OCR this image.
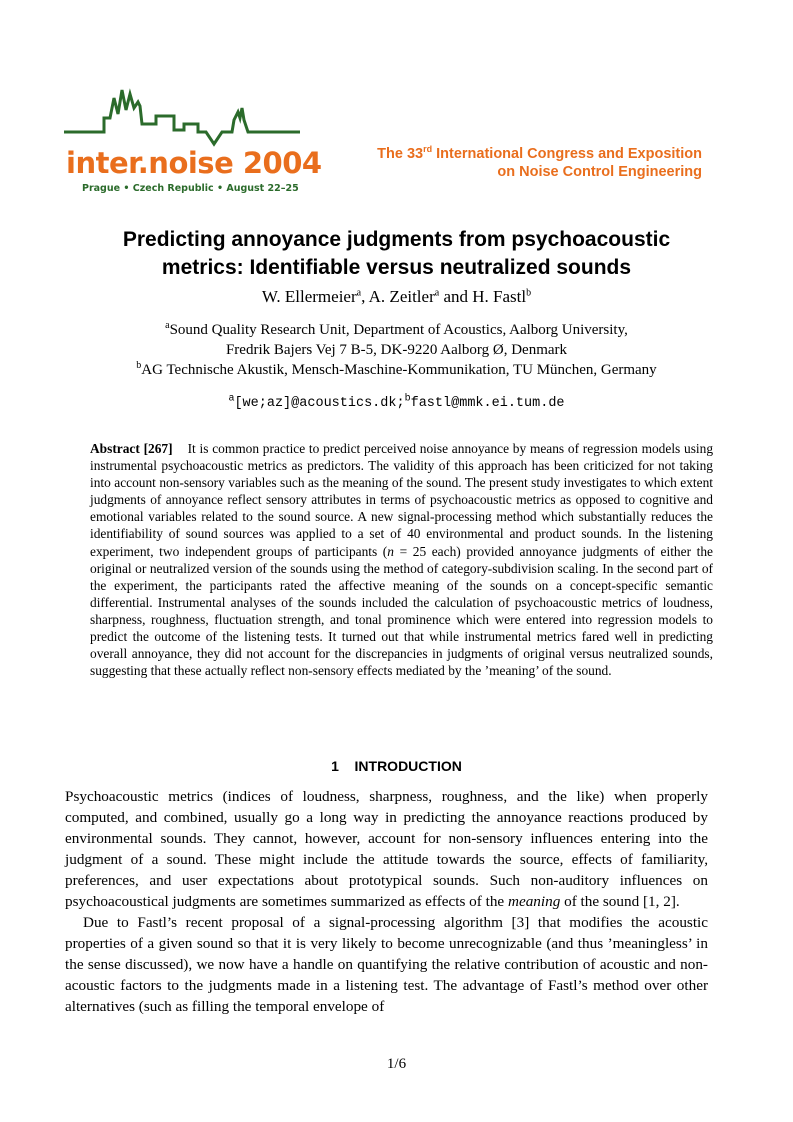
inter.noise 2004
Prague • Czech Republic • August 22–25
The 33rd International Congress and Exposition
on Noise Control Engineering
Predicting annoyance judgments from psychoacoustic
metrics: Identifiable versus neutralized sounds
W. Ellermeier$^a$, A. Zeitler$^a$ and H. Fastl$^b$
$^a$Sound Quality Research Unit, Department of Acoustics, Aalborg University,
Fredrik Bajers Vej 7 B-5, DK-9220 Aalborg Ø, Denmark
$^b$AG Technische Akustik, Mensch-Maschine-Kommunikation, TU München, Germany
$^a$[we;az]@acoustics.dk;$^b$fastl@mmk.ei.tum.de
Abstract [267] It is common practice to predict perceived noise annoyance by means of regression models using instrumental psychoacoustic metrics as predictors. The validity of this approach has been criticized for not taking into account non-sensory variables such as the meaning of the sound. The present study investigates to which extent judgments of annoyance reflect sensory attributes in terms of psychoacoustic metrics as opposed to cognitive and emotional variables related to the sound source. A new signal-processing method which substantially reduces the identifiability of sound sources was applied to a set of 40 environmental and product sounds. In the listening experiment, two independent groups of participants (n = 25 each) provided annoyance judgments of either the original or neutralized version of the sounds using the method of category-subdivision scaling. In the second part of the experiment, the participants rated the affective meaning of the sounds on a concept-specific semantic differential. Instrumental analyses of the sounds included the calculation of psychoacoustic metrics of loudness, sharpness, roughness, fluctuation strength, and tonal prominence which were entered into regression models to predict the outcome of the listening tests. It turned out that while instrumental metrics fared well in predicting overall annoyance, they did not account for the discrepancies in judgments of original versus neutralized sounds, suggesting that these actually reflect non-sensory effects mediated by the ’meaning’ of the sound.
1 INTRODUCTION

Psychoacoustic metrics (indices of loudness, sharpness, roughness, and the like) when properly computed, and combined, usually go a long way in predicting the annoyance reactions produced by environmental sounds. They cannot, however, account for non-sensory influences entering into the judgment of a sound. These might include the attitude towards the source, effects of familiarity, preferences, and user expectations about prototypical sounds. Such non-auditory influences on psychoacoustical judgments are sometimes summarized as effects of the meaning of the sound [1, 2].

Due to Fastl’s recent proposal of a signal-processing algorithm [3] that modifies the acoustic properties of a given sound so that it is very likely to become unrecognizable (and thus ’meaningless’ in the sense discussed), we now have a handle on quantifying the relative contribution of acoustic and non-acoustic factors to the judgments made in a listening test. The advantage of Fastl’s method over other alternatives (such as filling the temporal envelope of

1/6
